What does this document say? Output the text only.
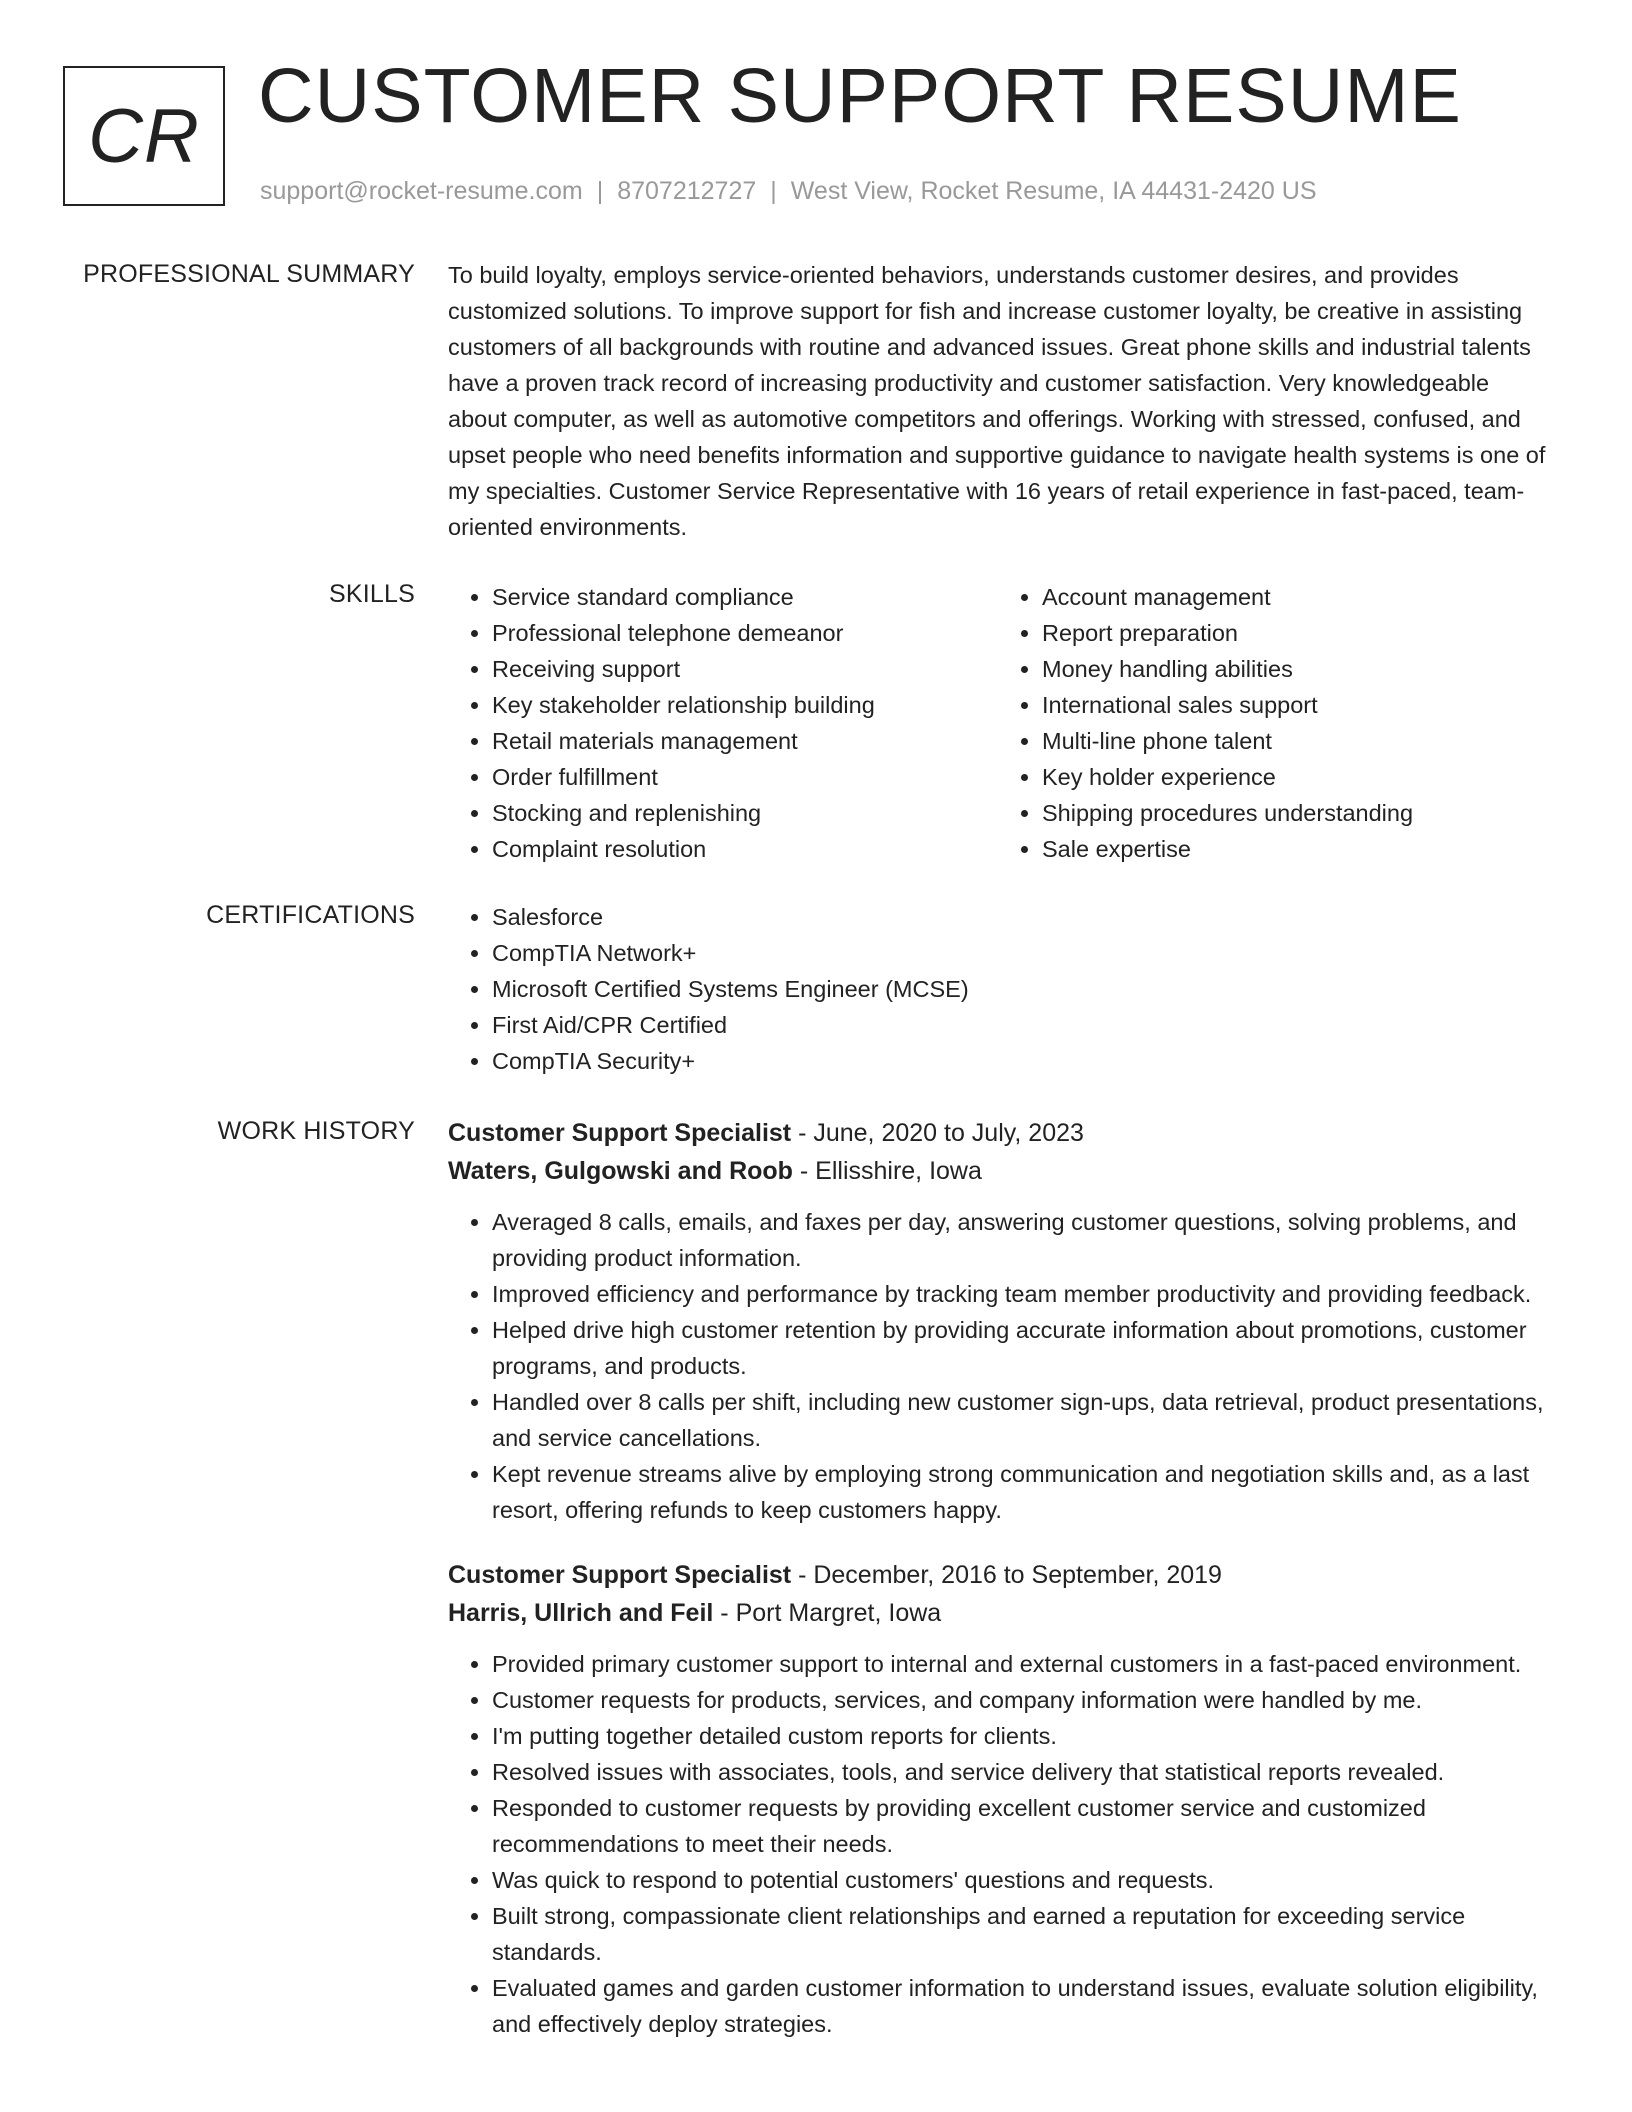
CR CUSTOMER SUPPORT RESUME
support@rocket-resume.com | 8707212727 | West View, Rocket Resume, IA 44431-2420 US
PROFESSIONAL SUMMARY To build loyalty, employs service-oriented behaviors, understands customer desires, and provides customized solutions. To improve support for fish and increase customer loyalty, be creative in assisting customers of all backgrounds with routine and advanced issues. Great phone skills and industrial talents have a proven track record of increasing productivity and customer satisfaction. Very knowledgeable about computer, as well as automotive competitors and offerings. Working with stressed, confused, and upset people who need benefits information and supportive guidance to navigate health systems is one of my specialties. Customer Service Representative with 16 years of retail experience in fast-paced, team-oriented environments.

SKILLS	• Service standard compliance
• Professional telephone demeanor
• Receiving support
• Key stakeholder relationship building
• Retail materials management
• Order fulfillment
• Stocking and replenishing
• Complaint resolution
• Account management
• Report preparation
• Money handling abilities
• International sales support
• Multi-line phone talent
• Key holder experience
• Shipping procedures understanding
• Sale expertise
CERTIFICATIONS	• Salesforce
• CompTIA Network+
• Microsoft Certified Systems Engineer (MCSE)
• First Aid/CPR Certified
• CompTIA Security+
WORK HISTORY Customer Support Specialist - June, 2020 to July, 2023
Waters, Gulgowski and Roob - Ellisshire, Iowa
• Averaged 8 calls, emails, and faxes per day, answering customer questions, solving problems, and providing product information.
• Improved efficiency and performance by tracking team member productivity and providing feedback.
• Helped drive high customer retention by providing accurate information about promotions, customer programs, and products.
• Handled over 8 calls per shift, including new customer sign-ups, data retrieval, product presentations, and service cancellations.
• Kept revenue streams alive by employing strong communication and negotiation skills and, as a last resort, offering refunds to keep customers happy.
Customer Support Specialist - December, 2016 to September, 2019
Harris, Ullrich and Feil - Port Margret, Iowa
• Provided primary customer support to internal and external customers in a fast-paced environment.
• Customer requests for products, services, and company information were handled by me.
• I'm putting together detailed custom reports for clients.
• Resolved issues with associates, tools, and service delivery that statistical reports revealed.
• Responded to customer requests by providing excellent customer service and customized recommendations to meet their needs.
• Was quick to respond to potential customers' questions and requests.
• Built strong, compassionate client relationships and earned a reputation for exceeding service standards.
• Evaluated games and garden customer information to understand issues, evaluate solution eligibility, and effectively deploy strategies.
